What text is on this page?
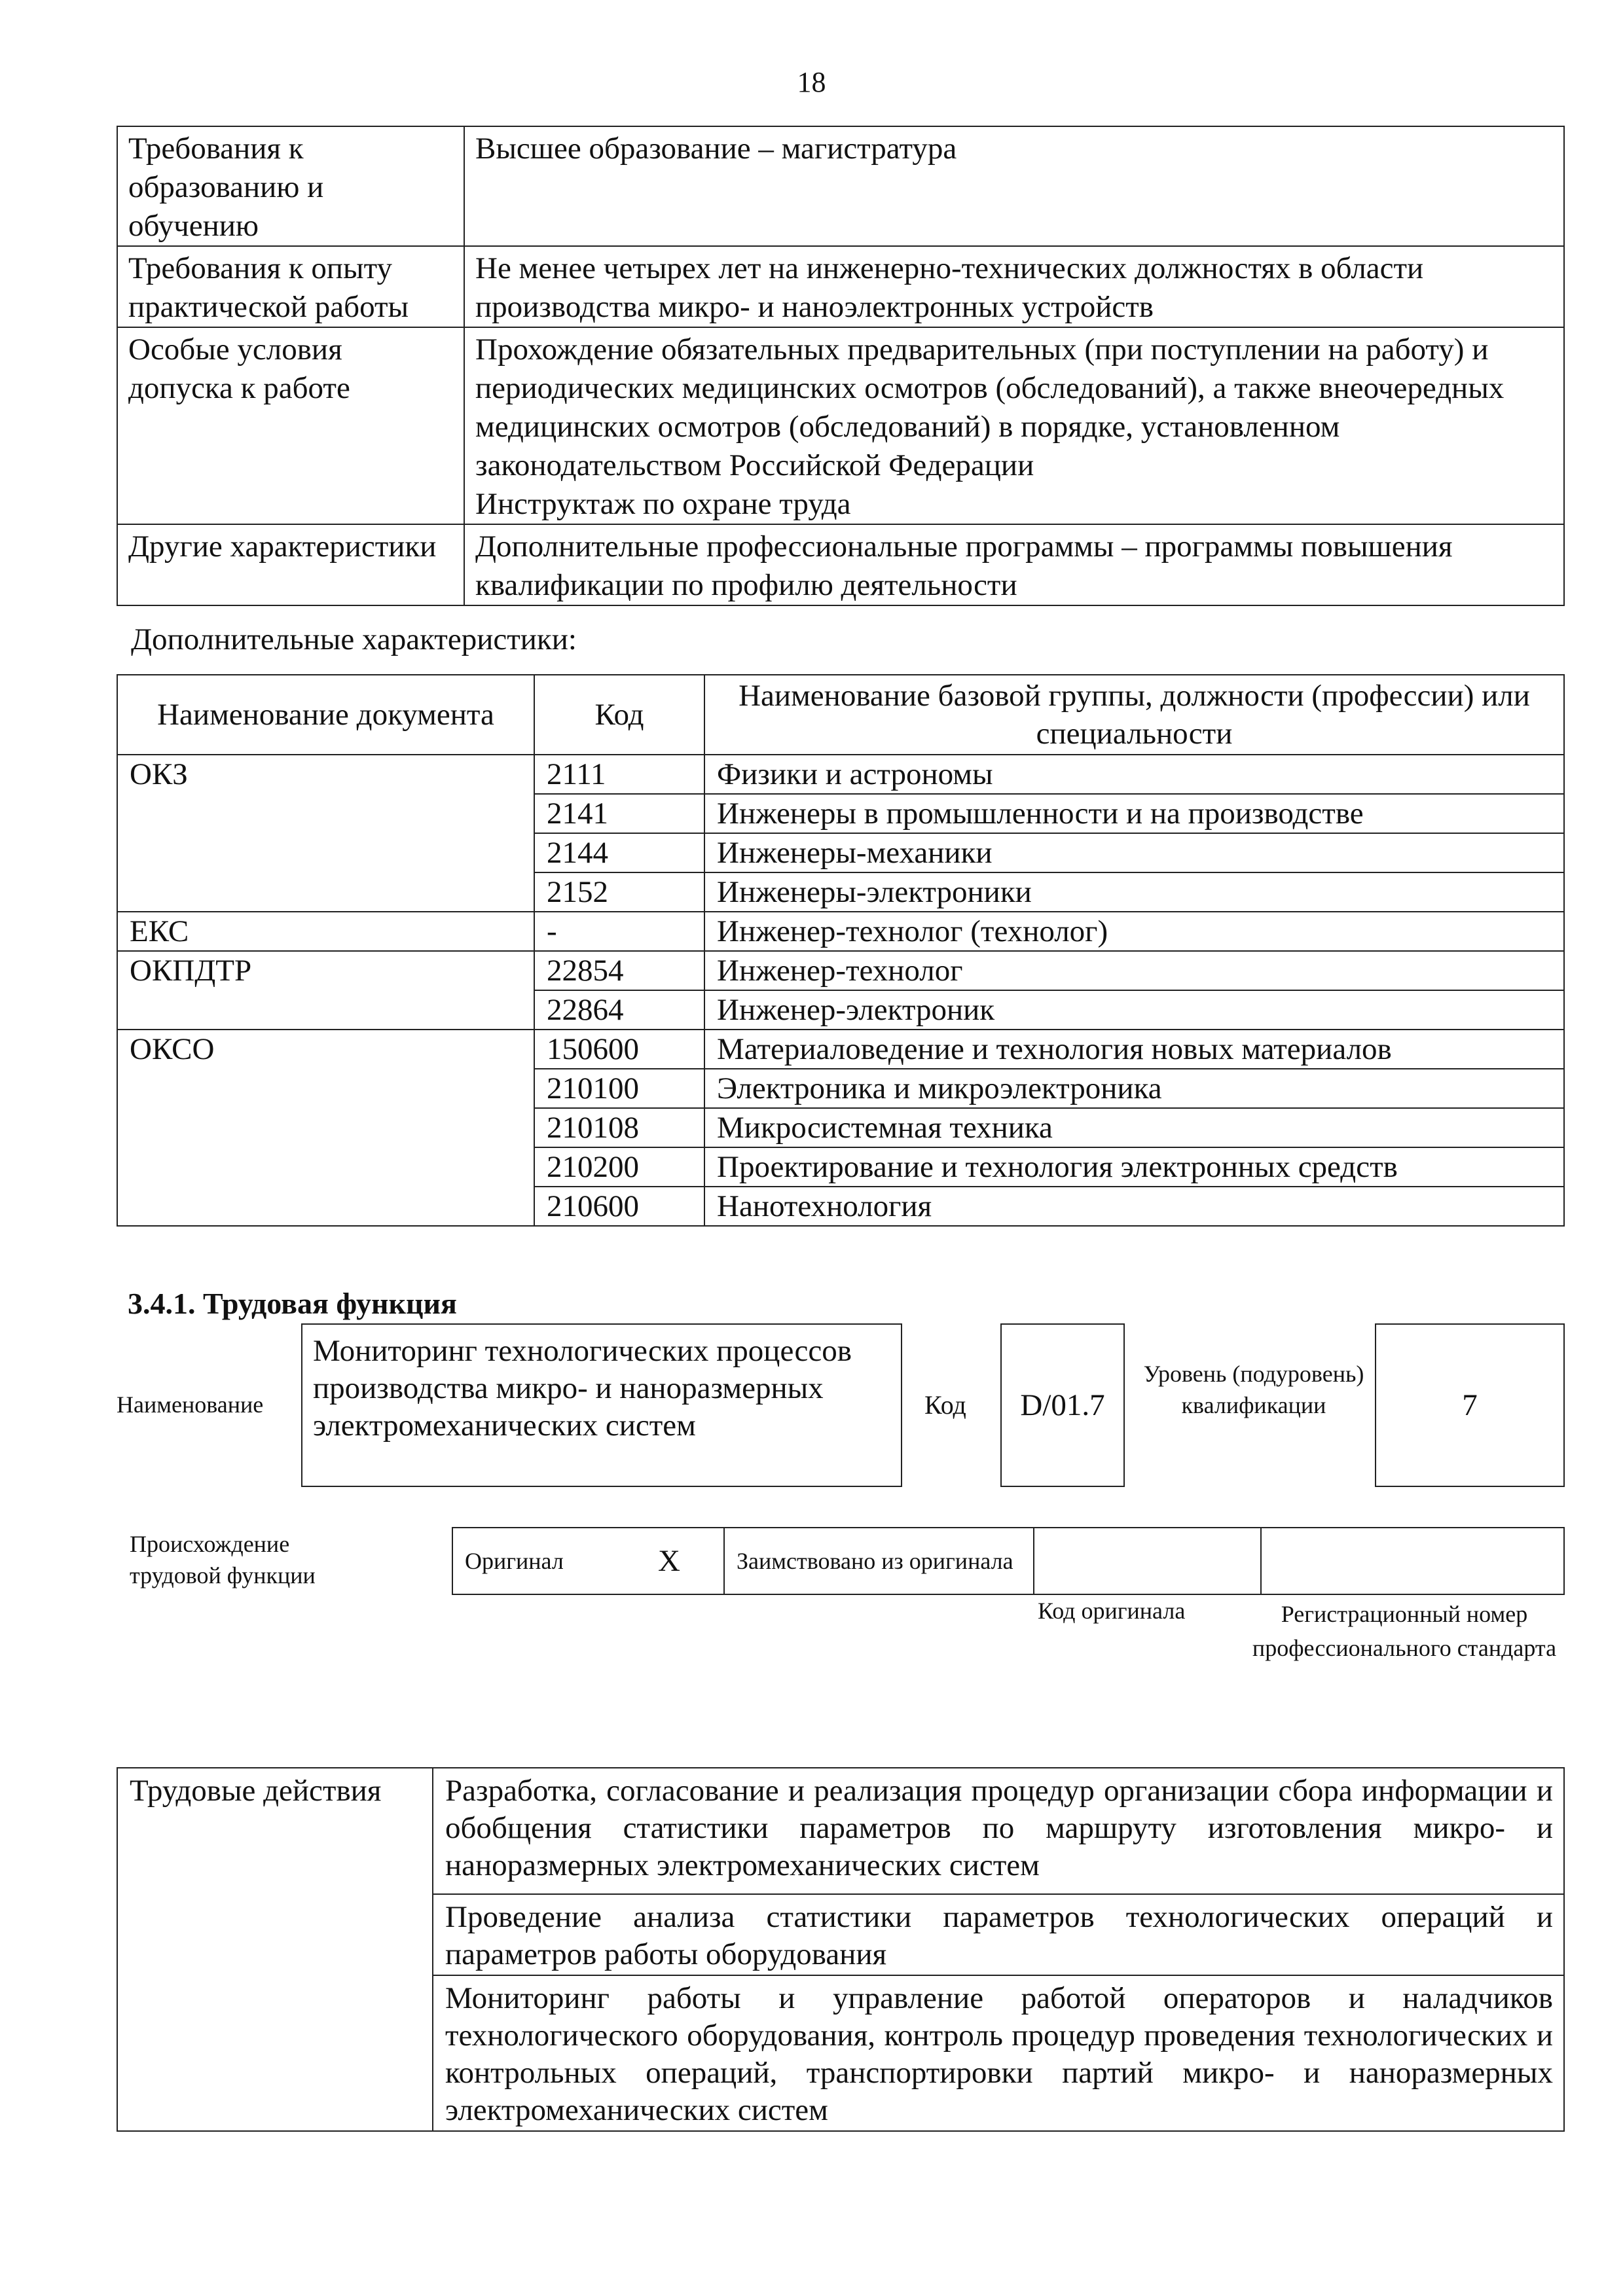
18
Требования к образованию и обучению	Высшее образование – магистратура
Требования к опыту практической работы	Не менее четырех лет на инженерно-технических должностях в области производства микро- и наноэлектронных устройств
Особые условия допуска к работе	Прохождение обязательных предварительных (при поступлении на работу) и периодических медицинских осмотров (обследований), а также внеочередных медицинских осмотров (обследований) в порядке, установленном законодательством Российской Федерации
Инструктаж по охране труда

Другие характеристики	Дополнительные профессиональные программы – программы повышения квалификации по профилю деятельности
Дополнительные характеристики:
Наименование документа	Код	Наименование базовой группы, должности (профессии) или специальности
ОКЗ	2111	Физики и астрономы
	2141	Инженеры в промышленности и на производстве
	2144	Инженеры-механики
	2152	Инженеры-электроники
ЕКС	-	Инженер-технолог (технолог)
ОКПДТР	22854	Инженер-технолог
	22864	Инженер-электроник
ОКСО	150600	Материаловедение и технология новых материалов
	210100	Электроника и микроэлектроника
	210108	Микросистемная техника
	210200	Проектирование и технология электронных средств
	210600	Нанотехнология
3.4.1. Трудовая функция
Наименование
Мониторинг технологических процессов производства микро- и наноразмерных электромеханических систем
Код D/01.7
Уровень (подуровень) квалификации	7
Происхождение трудовой функции
Оригинал	X	Заимствовано из оригинала		
Код оригинала	Регистрационный номер профессионального стандарта
Трудовые действия	Разработка, согласование и реализация процедур организации сбора информации и обобщения статистики параметров по маршруту изготовления микро- и наноразмерных электромеханических систем
Проведение анализа статистики параметров технологических операций и параметров работы оборудования
Мониторинг работы и управление работой операторов и наладчиков технологического оборудования, контроль процедур проведения технологических и контрольных операций, транспортировки партий микро- и наноразмерных электромеханических систем
